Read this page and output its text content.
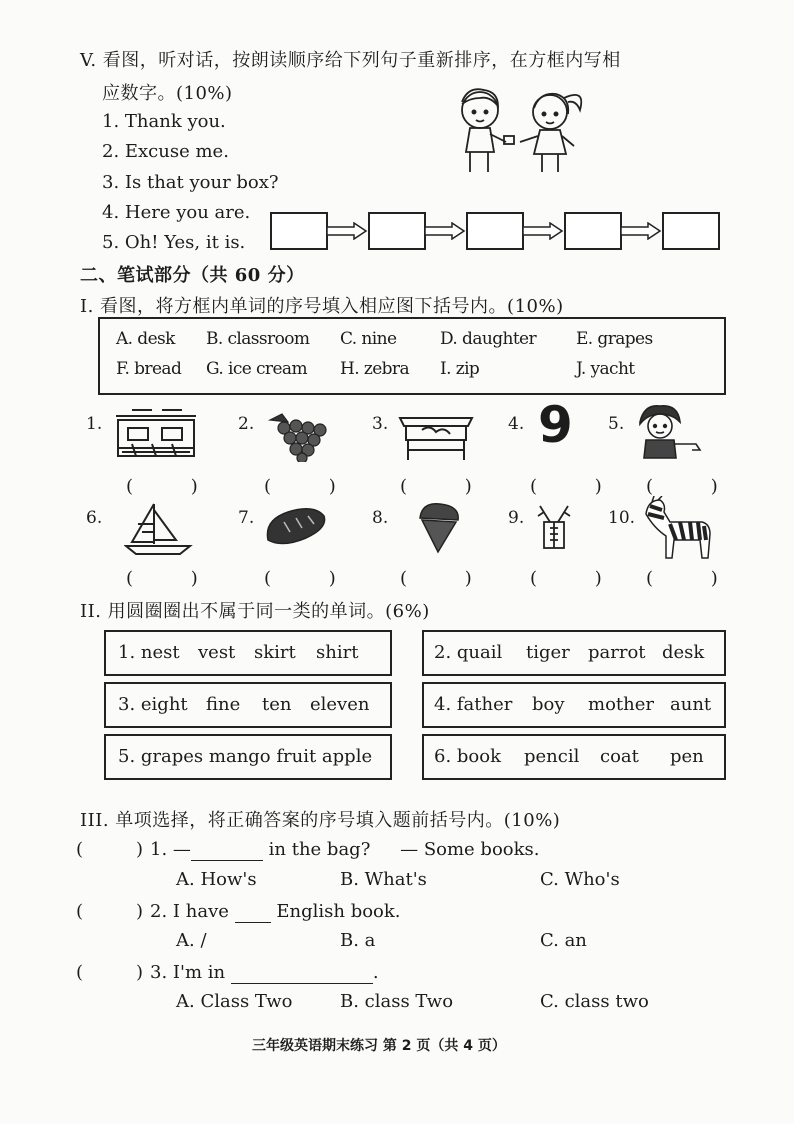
V. 看图，听对话，按朗读顺序给下列句子重新排序，在方框内写相
应数字。(10%)
1. Thank you.
2. Excuse me.
3. Is that your box?
4. Here you are.
5. Oh! Yes, it is.
二、笔试部分（共 60 分）
I. 看图，将方框内单词的序号填入相应图下括号内。(10%)
A. desk B. classroom C. nine	D. daughter E. grapes
F. bread G. ice cream H. zebra I. zip	J. yacht
1.	2.	3.	4. 9 5.
( ) ( ) ( ) ( ) ( )
6.	7.	8.	9.	10.
( ) ( ) ( ) ( ) ( )
II. 用圆圈圈出不属于同一类的单词。(6%)
1. nest vest skirt shirt	2. quail tiger parrot desk
3. eight fine ten eleven	4. father boy mother aunt
5. grapes mango fruit apple	6. book pencil coat pen
III. 单项选择，将正确答案的序号填入题前括号内。(10%)
(	) 1. —	in the bag? — Some books.
A. How's	B. What's	C. Who's
(	) 2. I have	English book.
A. /	B. a	C. an
(	) 3. I'm in	.
A. Class Two	B. class Two	C. class two
三年级英语期末练习 第 2 页（共 4 页）
